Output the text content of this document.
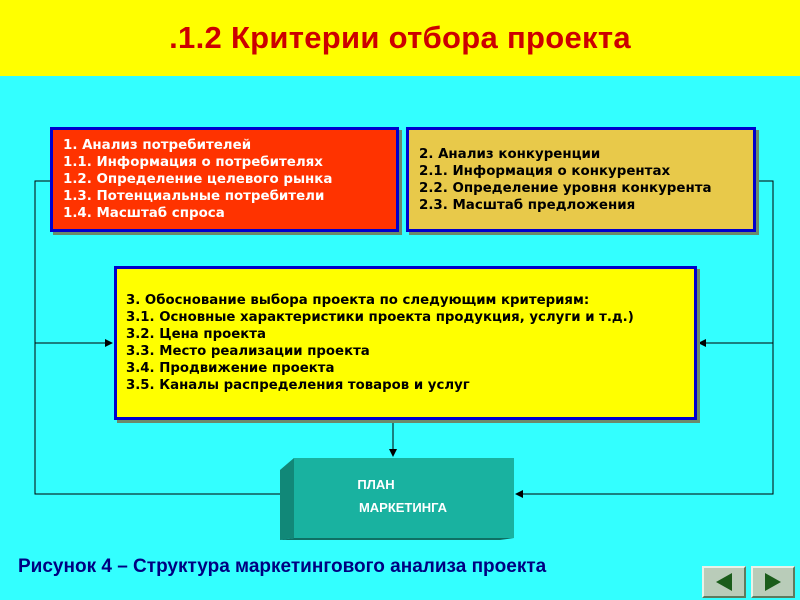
.1.2 Критерии отбора проекта
ПЛАН
МАРКЕТИНГА
1. Анализ потребителей
1.1. Информация о потребителях
1.2. Определение целевого рынка
1.3. Потенциальные потребители
1.4. Масштаб спроса
2. Анализ конкуренции
2.1. Информация о конкурентах
2.2. Определение уровня конкурента
2.3. Масштаб предложения
3. Обоснование выбора проекта по следующим критериям:
3.1. Основные характеристики проекта продукция, услуги и т.д.)
3.2. Цена проекта
3.3. Место реализации проекта
3.4. Продвижение проекта
3.5. Каналы распределения товаров и услуг
Рисунок 4 – Структура маркетингового анализа проекта
